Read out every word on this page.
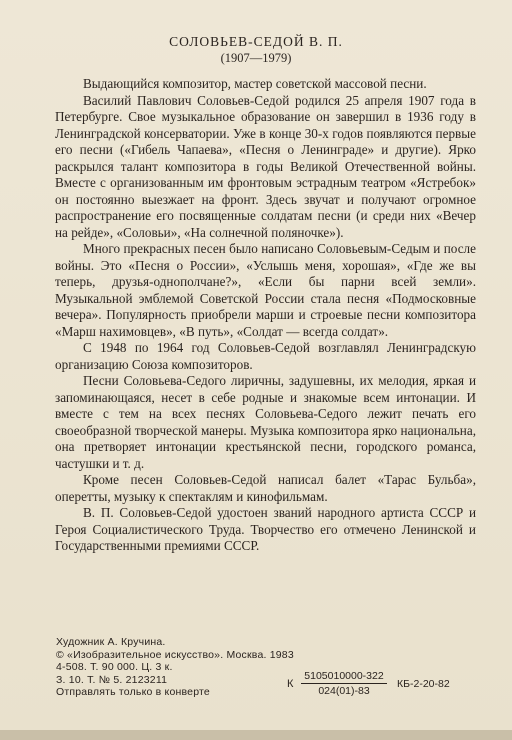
СОЛОВЬЕВ-СЕДОЙ В. П.
(1907—1979)

Выдающийся композитор, мастер советской массовой песни.

Василий Павлович Соловьев-Седой родился 25 апреля 1907 года в Петербурге. Свое музыкальное образование он завершил в 1936 году в Ленинградской консерватории. Уже в конце 30-х годов появляются первые его песни («Гибель Чапаева», «Песня о Ленинграде» и другие). Ярко раскрылся талант композитора в годы Великой Отечественной войны. Вместе с организованным им фронтовым эстрадным театром «Ястребок» он постоянно выезжает на фронт. Здесь звучат и получают огромное распространение его посвященные солдатам песни (и среди них «Вечер на рейде», «Соловьи», «На солнечной поляночке»).

Много прекрасных песен было написано Соловьевым-Седым и после войны. Это «Песня о России», «Услышь меня, хорошая», «Где же вы теперь, друзья-однополчане?», «Если бы парни всей земли». Музыкальной эмблемой Советской России стала песня «Подмосковные вечера». Популярность приобрели марши и строевые песни композитора «Марш нахимовцев», «В путь», «Солдат — всегда солдат».

С 1948 по 1964 год Соловьев-Седой возглавлял Ленинградскую организацию Союза композиторов.

Песни Соловьева-Седого лиричны, задушевны, их мелодия, яркая и запоминающаяся, несет в себе родные и знакомые всем интонации. И вместе с тем на всех песнях Соловьева-Седого лежит печать его своеобразной творческой манеры. Музыка композитора ярко национальна, она претворяет интонации крестьянской песни, городского романса, частушки и т. д.

Кроме песен Соловьев-Седой написал балет «Тарас Бульба», оперетты, музыку к спектаклям и кинофильмам.

В. П. Соловьев-Седой удостоен званий народного артиста СССР и Героя Социалистического Труда. Творчество его отмечено Ленинской и Государственными премиями СССР.

Художник А. Кручина.
© «Изобразительное искусство». Москва. 1983
4-508. Т. 90 000. Ц. 3 к.
З. 10. Т. № 5. 2123211
Отправлять только в конверте
К $\frac{5105010000-322}{024(01)-83} КБ-2-20-82$
